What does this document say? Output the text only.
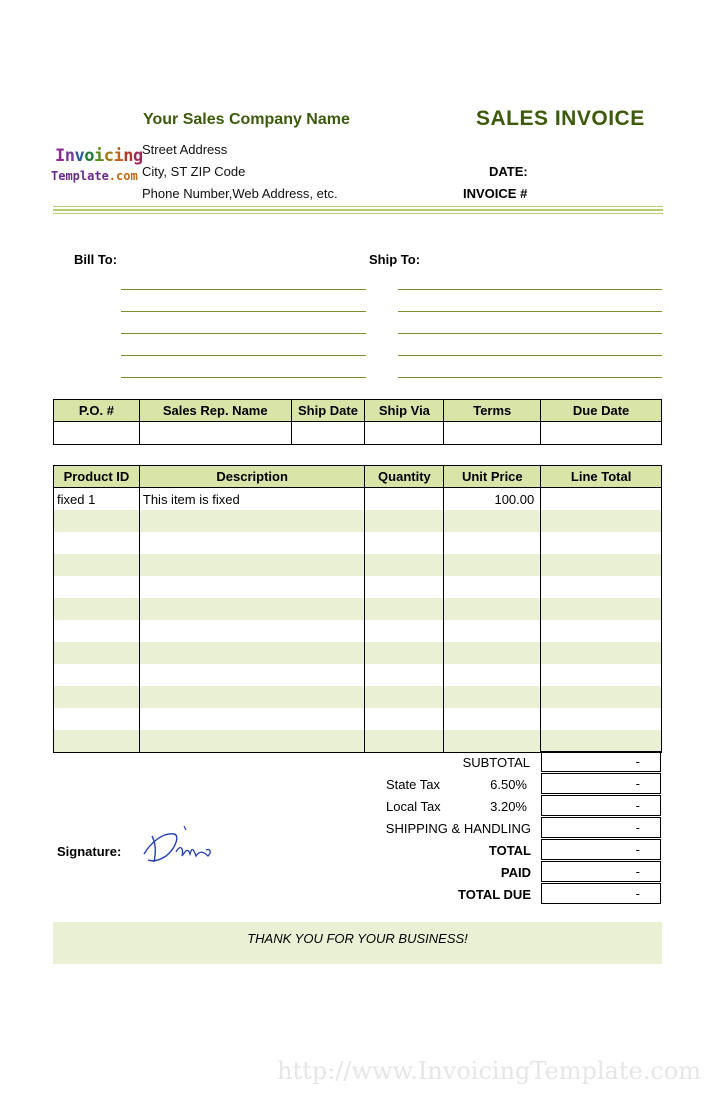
Invoicing
Template.com
Your Sales Company Name	SALES INVOICE
Street Address
City, ST ZIP Code
Phone Number,Web Address, etc.
DATE:
INVOICE #
Bill To:	Ship To:
P.O. #	Sales Rep. Name	Ship Date	Ship Via	Terms	Due Date

Product ID	Description	Quantity	Unit Price	Line Total
fixed 1	This item is fixed		100.00	

SUBTOTAL	-
State Tax	6.50%	-
Local Tax	3.20%	-
SHIPPING & HANDLING	-
TOTAL	-
PAID	-
TOTAL DUE	-
Signature:
THANK YOU FOR YOUR BUSINESS!
http://www.InvoicingTemplate.com
